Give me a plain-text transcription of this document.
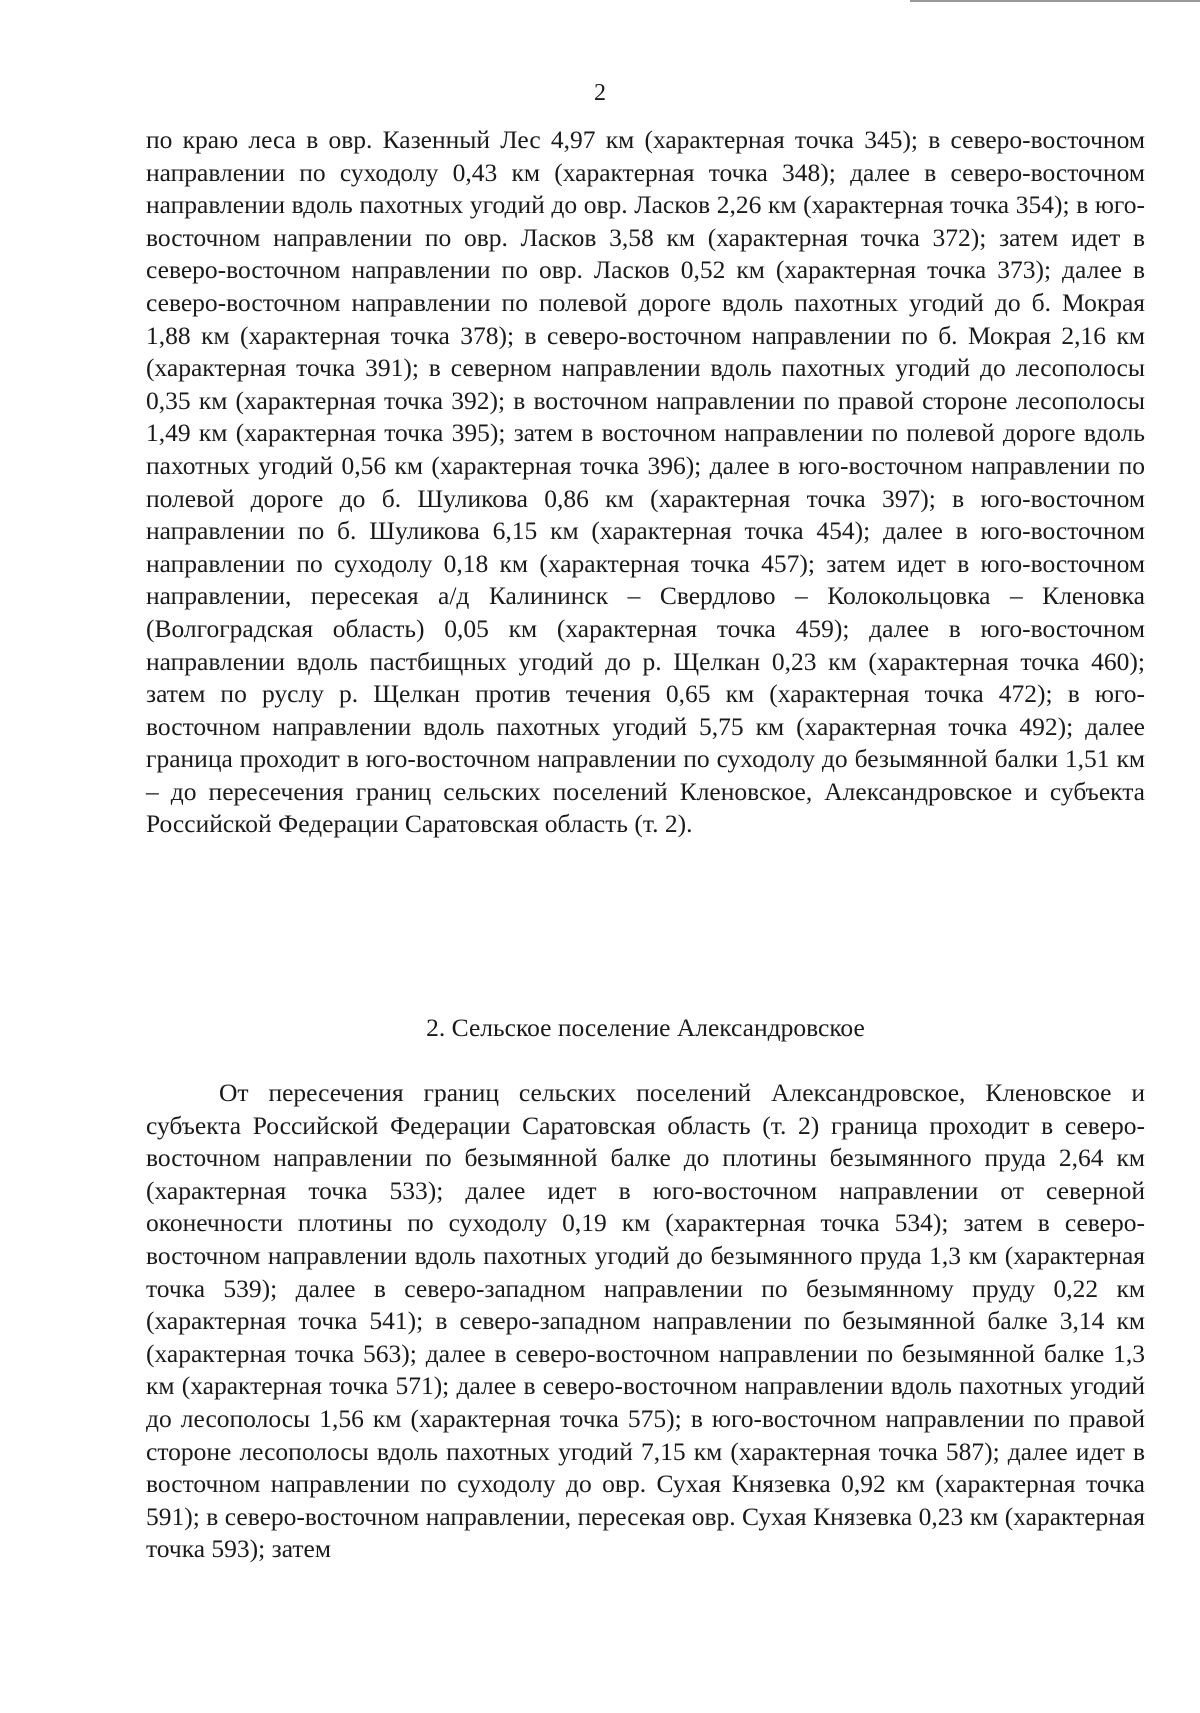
2

по краю леса в овр. Казенный Лес 4,97 км (характерная точка 345); в северо-восточном направлении по суходолу 0,43 км (характерная точка 348); далее в северо-восточном направлении вдоль пахотных угодий до овр. Ласков 2,26 км (характерная точка 354); в юго-восточном направлении по овр. Ласков 3,58 км (характерная точка 372); затем идет в северо-восточном направлении по овр. Ласков 0,52 км (характерная точка 373); далее в северо-восточном направлении по полевой дороге вдоль пахотных угодий до б. Мокрая 1,88 км (характерная точка 378); в северо-восточном направлении по б. Мокрая 2,16 км (характерная точка 391); в северном направлении вдоль пахотных угодий до лесополосы 0,35 км (характерная точка 392); в восточном направлении по правой стороне лесополосы 1,49 км (характерная точка 395); затем в восточном направлении по полевой дороге вдоль пахотных угодий 0,56 км (характерная точка 396); далее в юго-восточном направлении по полевой дороге до б. Шуликова 0,86 км (характерная точка 397); в юго-восточном направлении по б. Шуликова 6,15 км (характерная точка 454); далее в юго-восточном направлении по суходолу 0,18 км (характерная точка 457); затем идет в юго-восточном направлении, пересекая а/д Калининск – Свердлово – Колокольцовка – Кленовка (Волгоградская область) 0,05 км (характерная точка 459); далее в юго-восточном направлении вдоль пастбищных угодий до р. Щелкан 0,23 км (характерная точка 460); затем по руслу р. Щелкан против течения 0,65 км (характерная точка 472); в юго-восточном направлении вдоль пахотных угодий 5,75 км (характерная точка 492); далее граница проходит в юго-восточном направлении по суходолу до безымянной балки 1,51 км – до пересечения границ сельских поселений Кленовское, Александровское и субъекта Российской Федерации Саратовская область (т. 2).

2. Сельское поселение Александровское

От пересечения границ сельских поселений Александровское, Кленовское и субъекта Российской Федерации Саратовская область (т. 2) граница проходит в северо-восточном направлении по безымянной балке до плотины безымянного пруда 2,64 км (характерная точка 533); далее идет в юго-восточном направлении от северной оконечности плотины по суходолу 0,19 км (характерная точка 534); затем в северо-восточном направлении вдоль пахотных угодий до безымянного пруда 1,3 км (характерная точка 539); далее в северо-западном направлении по безымянному пруду 0,22 км (характерная точка 541); в северо-западном направлении по безымянной балке 3,14 км (характерная точка 563); далее в северо-восточном направлении по безымянной балке 1,3 км (характерная точка 571); далее в северо-восточном направлении вдоль пахотных угодий до лесополосы 1,56 км (характерная точка 575); в юго-восточном направлении по правой стороне лесополосы вдоль пахотных угодий 7,15 км (характерная точка 587); далее идет в восточном направлении по суходолу до овр. Сухая Князевка 0,92 км (характерная точка 591); в северо-восточном направлении, пересекая овр. Сухая Князевка 0,23 км (характерная точка 593); затем
